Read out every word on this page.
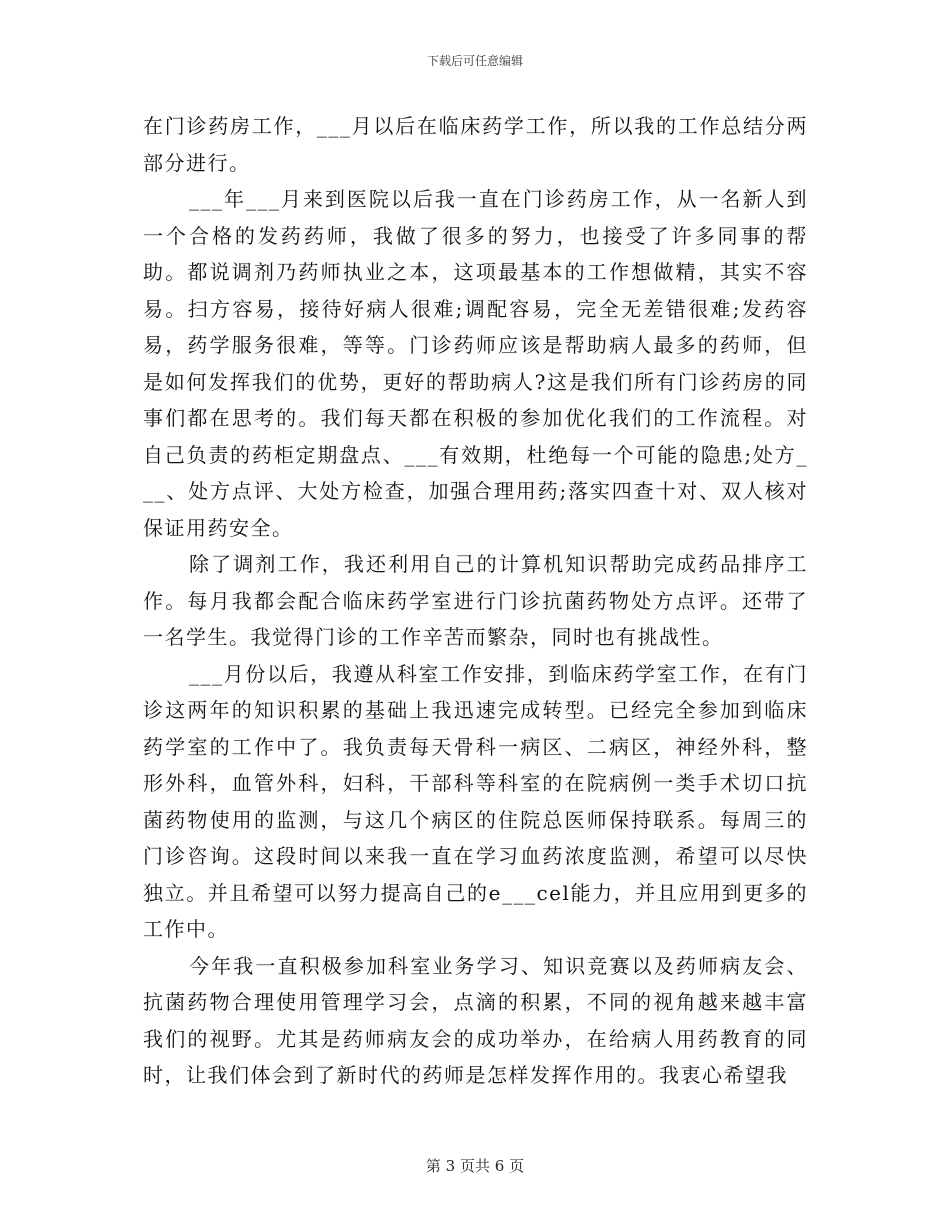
下载后可任意编辑

在门诊药房工作，___月以后在临床药学工作，所以我的工作总结分两部分进行。

___年___月来到医院以后我一直在门诊药房工作，从一名新人到一个合格的发药药师，我做了很多的努力，也接受了许多同事的帮助。都说调剂乃药师执业之本，这项最基本的工作想做精，其实不容易。扫方容易，接待好病人很难;调配容易，完全无差错很难;发药容易，药学服务很难，等等。门诊药师应该是帮助病人最多的药师，但是如何发挥我们的优势，更好的帮助病人?这是我们所有门诊药房的同事们都在思考的。我们每天都在积极的参加优化我们的工作流程。对自己负责的药柜定期盘点、___有效期，杜绝每一个可能的隐患;处方___、处方点评、大处方检查，加强合理用药;落实四查十对、双人核对保证用药安全。

除了调剂工作，我还利用自己的计算机知识帮助完成药品排序工作。每月我都会配合临床药学室进行门诊抗菌药物处方点评。还带了一名学生。我觉得门诊的工作辛苦而繁杂，同时也有挑战性。

___月份以后，我遵从科室工作安排，到临床药学室工作，在有门诊这两年的知识积累的基础上我迅速完成转型。已经完全参加到临床药学室的工作中了。我负责每天骨科一病区、二病区，神经外科，整形外科，血管外科，妇科，干部科等科室的在院病例一类手术切口抗菌药物使用的监测，与这几个病区的住院总医师保持联系。每周三的门诊咨询。这段时间以来我一直在学习血药浓度监测，希望可以尽快独立。并且希望可以努力提高自己的e___cel能力，并且应用到更多的工作中。

今年我一直积极参加科室业务学习、知识竞赛以及药师病友会、抗菌药物合理使用管理学习会，点滴的积累，不同的视角越来越丰富我们的视野。尤其是药师病友会的成功举办，在给病人用药教育的同时，让我们体会到了新时代的药师是怎样发挥作用的。我衷心希望我

第 3 页共 6 页
